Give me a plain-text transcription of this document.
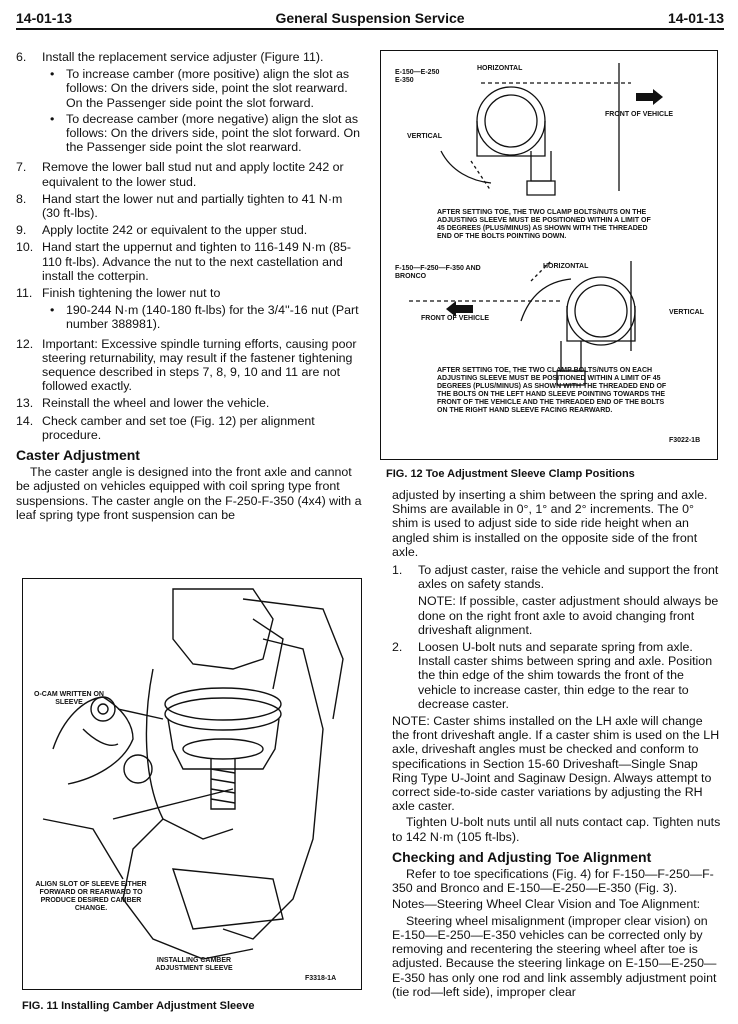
14-01-13	General Suspension Service	14-01-13
6. Install the replacement service adjuster (Figure 11).
• To increase camber (more positive) align the slot as follows: On the drivers side, point the slot rearward. On the Passenger side point the slot forward.
• To decrease camber (more negative) align the slot as follows: On the drivers side, point the slot forward. On the Passenger side point the slot rearward.
7. Remove the lower ball stud nut and apply loctite 242 or equivalent to the lower stud.
8. Hand start the lower nut and partially tighten to 41 N·m (30 ft-lbs).
9. Apply loctite 242 or equivalent to the upper stud.
10. Hand start the uppernut and tighten to 116-149 N·m (85-110 ft-lbs). Advance the nut to the next castellation and install the cotterpin.
11. Finish tightening the lower nut to
• 190-244 N·m (140-180 ft-lbs) for the 3/4''-16 nut (Part number 388981).
12. Important: Excessive spindle turning efforts, causing poor steering returnability, may result if the fastener tightening sequence described in steps 7, 8, 9, 10 and 11 are not followed exactly.
13. Reinstall the wheel and lower the vehicle.
14. Check camber and set toe (Fig. 12) per alignment procedure.
Caster Adjustment

The caster angle is designed into the front axle and cannot be adjusted on vehicles equipped with coil spring type front suspensions. The caster angle on the F-250-F-350 (4x4) with a leaf spring type front suspension can be

O-CAM WRITTEN ON SLEEVE
ALIGN SLOT OF SLEEVE EITHER FORWARD OR REARWARD TO PRODUCE DESIRED CAMBER CHANGE.
INSTALLING CAMBER ADJUSTMENT SLEEVE
F3318-1A
FIG. 11 Installing Camber Adjustment Sleeve
E-150—E-250 E-350
HORIZONTAL
VERTICAL
FRONT OF VEHICLE
AFTER SETTING TOE, THE TWO CLAMP BOLTS/NUTS ON THE ADJUSTING SLEEVE MUST BE POSITIONED WITHIN A LIMIT OF 45 DEGREES (PLUS/MINUS) AS SHOWN WITH THE THREADED END OF THE BOLTS POINTING DOWN.
F-150—F-250—F-350 AND BRONCO
HORIZONTAL
FRONT OF VEHICLE
VERTICAL
AFTER SETTING TOE, THE TWO CLAMP BOLTS/NUTS ON EACH ADJUSTING SLEEVE MUST BE POSITIONED WITHIN A LIMIT OF 45 DEGREES (PLUS/MINUS) AS SHOWN WITH THE THREADED END OF THE BOLTS ON THE LEFT HAND SLEEVE POINTING TOWARDS THE FRONT OF THE VEHICLE AND THE THREADED END OF THE BOLTS ON THE RIGHT HAND SLEEVE FACING REARWARD.
F3022-1B
FIG. 12 Toe Adjustment Sleeve Clamp Positions

adjusted by inserting a shim between the spring and axle. Shims are available in 0°, 1° and 2° increments. The 0° shim is used to adjust side to side ride height when an angled shim is installed on the opposite side of the front axle.

1. To adjust caster, raise the vehicle and support the front axles on safety stands.
NOTE: If possible, caster adjustment should always be done on the right front axle to avoid changing front driveshaft alignment.
2. Loosen U-bolt nuts and separate spring from axle. Install caster shims between spring and axle. Position the thin edge of the shim towards the front of the vehicle to increase caster, thin edge to the rear to decrease caster.

NOTE: Caster shims installed on the LH axle will change the front driveshaft angle. If a caster shim is used on the LH axle, driveshaft angles must be checked and conform to specifications in Section 15-60 Driveshaft—Single Snap Ring Type U-Joint and Saginaw Design. Always attempt to correct side-to-side caster variations by adjusting the RH axle caster.

Tighten U-bolt nuts until all nuts contact cap. Tighten nuts to 142 N·m (105 ft-lbs).

Checking and Adjusting Toe Alignment

Refer to toe specifications (Fig. 4) for F-150—F-250—F-350 and Bronco and E-150—E-250—E-350 (Fig. 3).

Notes—Steering Wheel Clear Vision and Toe Alignment:

Steering wheel misalignment (improper clear vision) on E-150—E-250—E-350 vehicles can be corrected only by removing and recentering the steering wheel after toe is adjusted. Because the steering linkage on E-150—E-250—E-350 has only one rod and link assembly adjustment point (tie rod—left side), improper clear
